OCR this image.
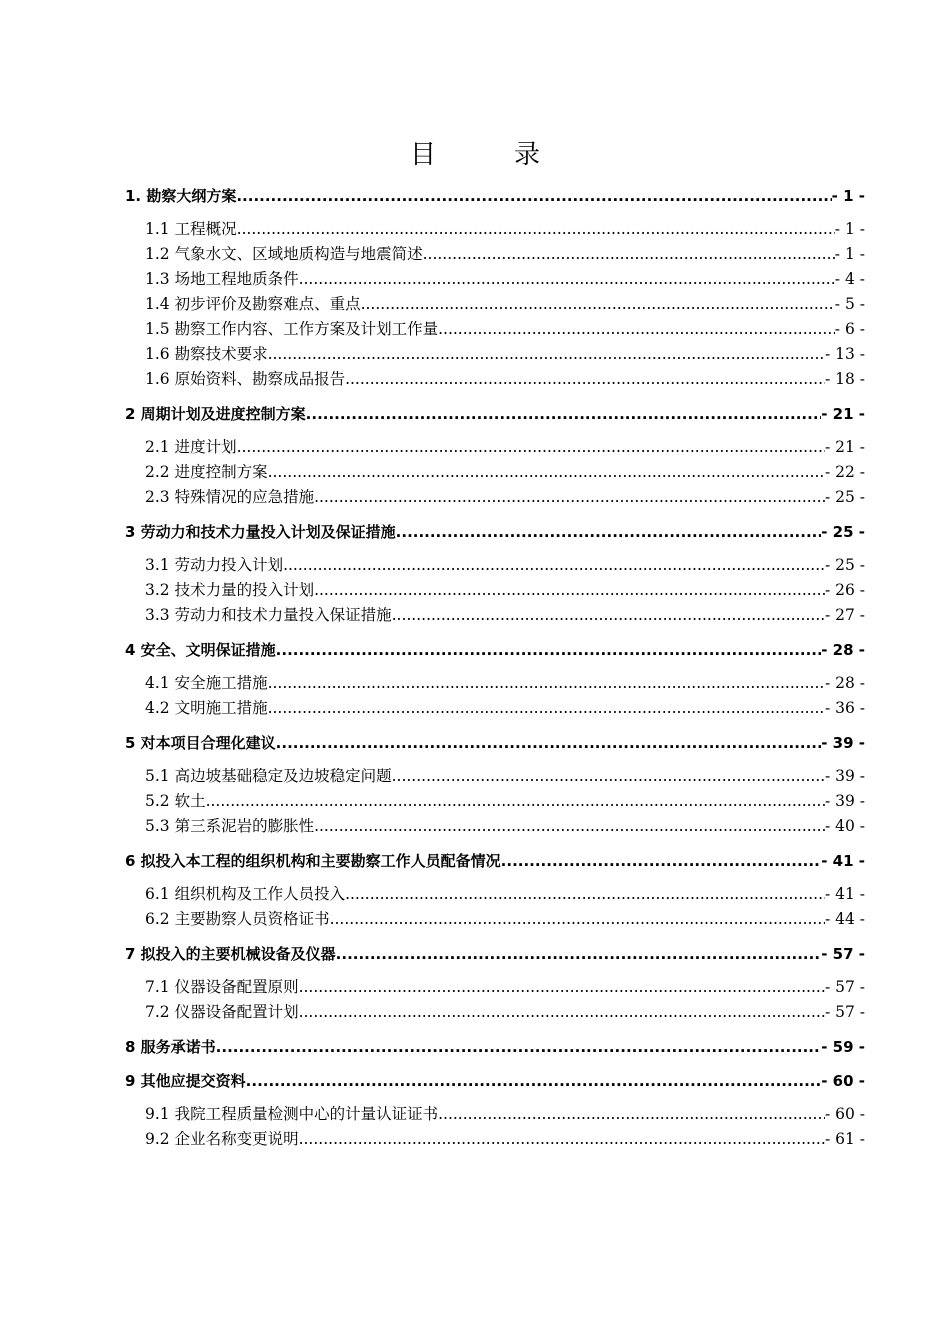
目　录
1. 勘察大纲方案 .....	- 1 -
1.1 工程概况 .....	- 1 -
1.2 气象水文、区域地质构造与地震简述 .....	- 1 -
1.3 场地工程地质条件 .....	- 4 -
1.4 初步评价及勘察难点、重点 .....	- 5 -
1.5 勘察工作内容、工作方案及计划工作量 .....	- 6 -
1.6 勘察技术要求 .....	- 13 -
1.6 原始资料、勘察成品报告 .....	- 18 -
2 周期计划及进度控制方案 .....	- 21 -
2.1 进度计划 .....	- 21 -
2.2 进度控制方案 .....	- 22 -
2.3 特殊情况的应急措施 .....	- 25 -
3 劳动力和技术力量投入计划及保证措施 .....	- 25 -
3.1 劳动力投入计划 .....	- 25 -
3.2 技术力量的投入计划 .....	- 26 -
3.3 劳动力和技术力量投入保证措施 .....	- 27 -
4 安全、文明保证措施 .....	- 28 -
4.1 安全施工措施 .....	- 28 -
4.2 文明施工措施 .....	- 36 -
5 对本项目合理化建议 .....	- 39 -
5.1 高边坡基础稳定及边坡稳定问题 .....	- 39 -
5.2 软土 .....	- 39 -
5.3 第三系泥岩的膨胀性 .....	- 40 -
6 拟投入本工程的组织机构和主要勘察工作人员配备情况 .....	- 41 -
6.1 组织机构及工作人员投入 .....	- 41 -
6.2 主要勘察人员资格证书 .....	- 44 -
7 拟投入的主要机械设备及仪器 .....	- 57 -
7.1 仪器设备配置原则 .....	- 57 -
7.2 仪器设备配置计划 .....	- 57 -
8 服务承诺书 .....	- 59 -
9 其他应提交资料 .....	- 60 -
9.1 我院工程质量检测中心的计量认证证书 .....	- 60 -
9.2 企业名称变更说明 .....	- 61 -
